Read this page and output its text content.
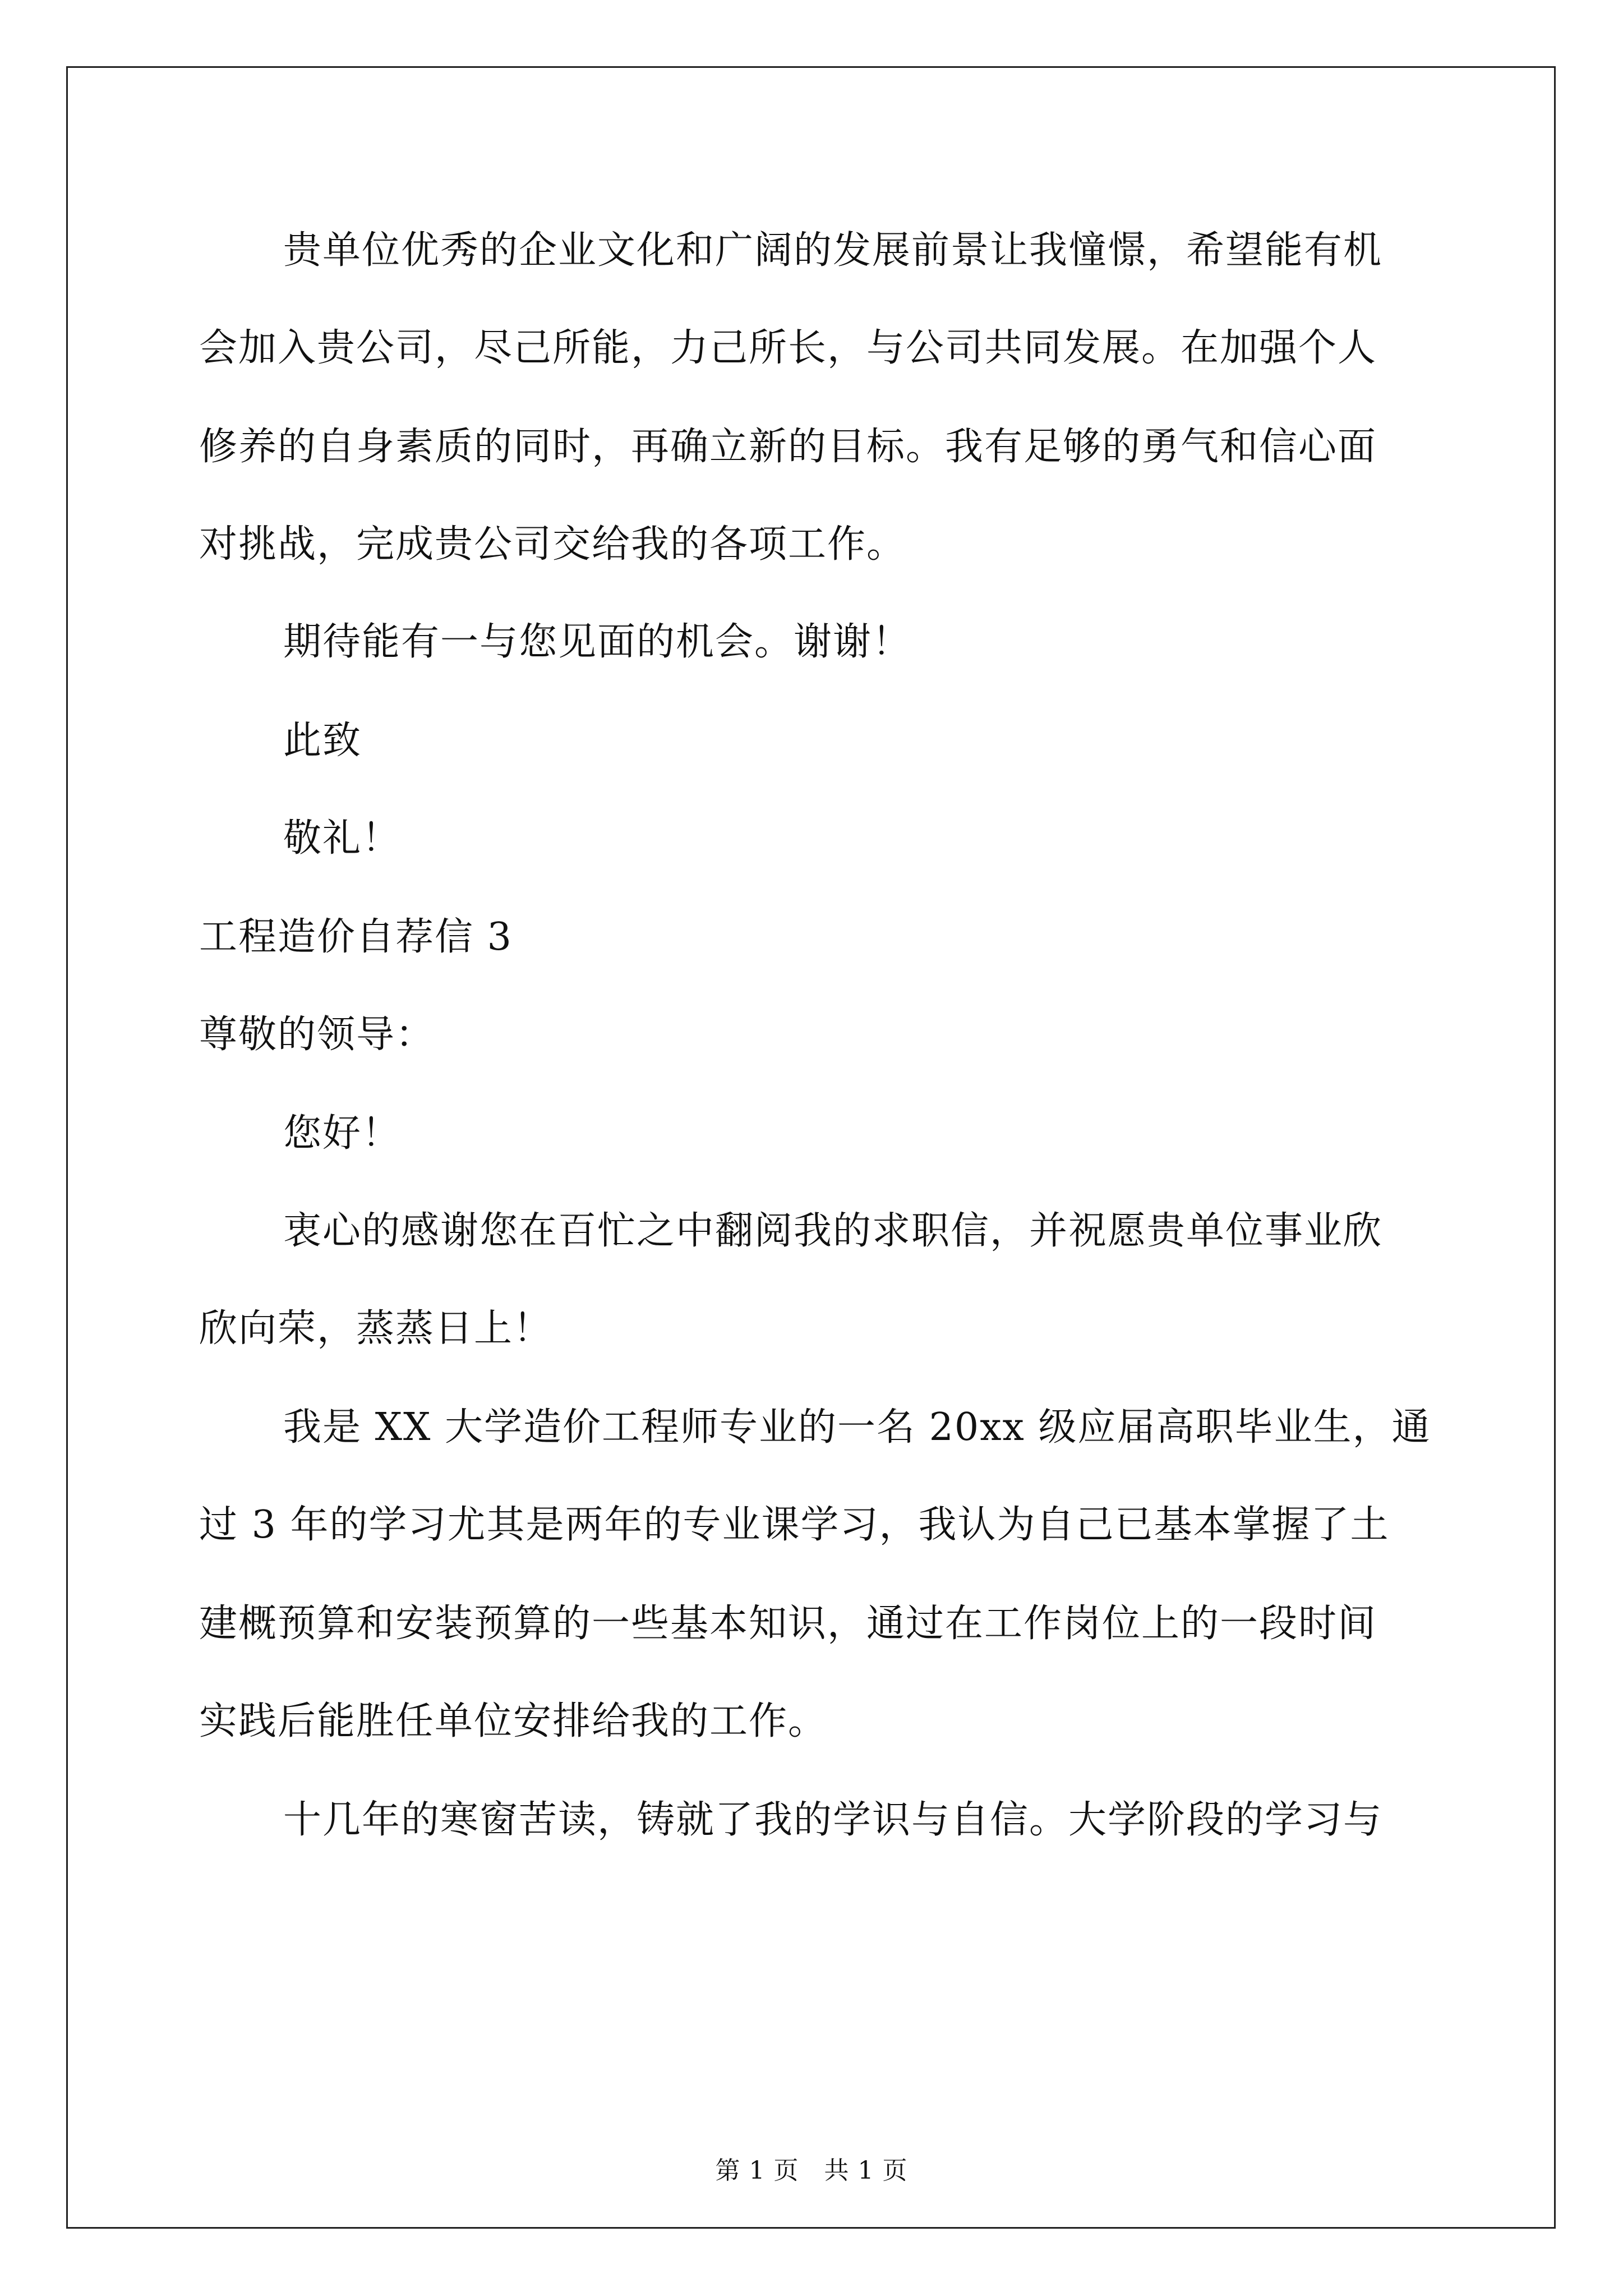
贵单位优秀的企业文化和广阔的发展前景让我憧憬，希望能有机
会加入贵公司，尽己所能，力己所长，与公司共同发展。在加强个人
修养的自身素质的同时，再确立新的目标。我有足够的勇气和信心面
对挑战，完成贵公司交给我的各项工作。
期待能有一与您见面的机会。谢谢！
此致
敬礼！
工程造价自荐信 3
尊敬的领导：
您好！
衷心的感谢您在百忙之中翻阅我的求职信，并祝愿贵单位事业欣
欣向荣，蒸蒸日上！
我是 XX 大学造价工程师专业的一名 20xx 级应届高职毕业生，通
过 3 年的学习尤其是两年的专业课学习，我认为自己已基本掌握了土
建概预算和安装预算的一些基本知识，通过在工作岗位上的一段时间
实践后能胜任单位安排给我的工作。
十几年的寒窗苦读，铸就了我的学识与自信。大学阶段的学习与
第 1 页   共 1 页
